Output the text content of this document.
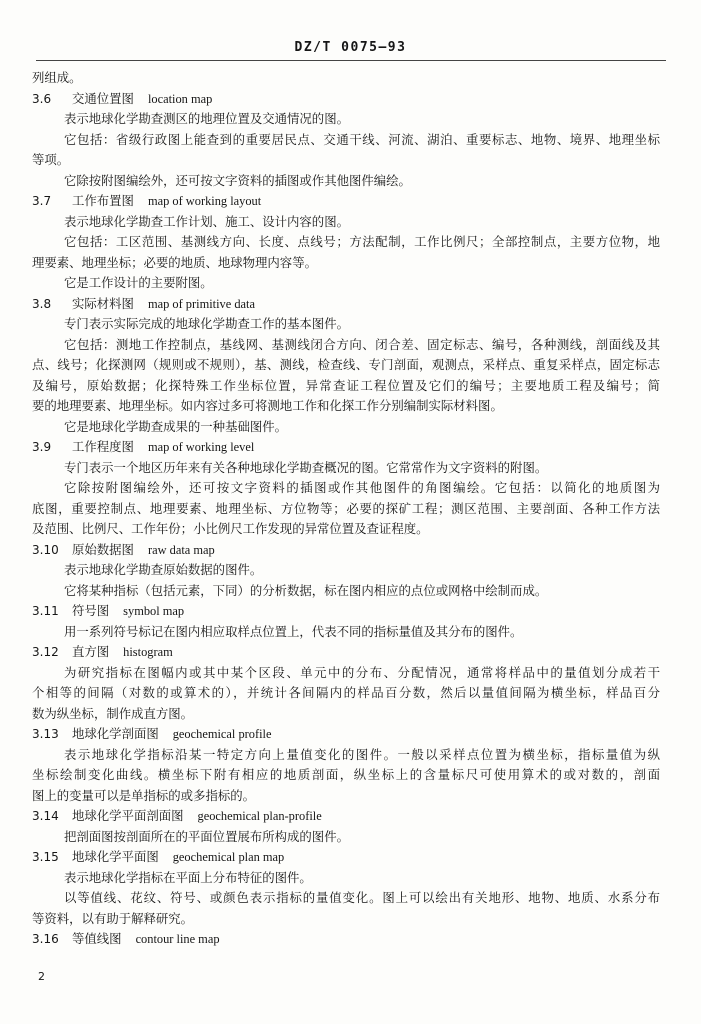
DZ/T 0075—93
列组成。
3.6 交通位置图 location map
表示地球化学勘查测区的地理位置及交通情况的图。
它包括：省级行政图上能查到的重要居民点、交通干线、河流、湖泊、重要标志、地物、境界、地理坐标
等项。
它除按附图编绘外，还可按文字资料的插图或作其他图件编绘。
3.7 工作布置图 map of working layout
表示地球化学勘查工作计划、施工、设计内容的图。
它包括：工区范围、基测线方向、长度、点线号；方法配制，工作比例尺；全部控制点，主要方位物，地
理要素、地理坐标；必要的地质、地球物理内容等。
它是工作设计的主要附图。
3.8 实际材料图 map of primitive data
专门表示实际完成的地球化学勘查工作的基本图件。
它包括：测地工作控制点，基线网、基测线闭合方向、闭合差、固定标志、编号，各种测线，剖面线及其
点、线号；化探测网（规则或不规则），基、测线，检查线、专门剖面，观测点，采样点、重复采样点，固定标志
及编号，原始数据；化探特殊工作坐标位置，异常查证工程位置及它们的编号；主要地质工程及编号；简
要的地理要素、地理坐标。如内容过多可将测地工作和化探工作分别编制实际材料图。
它是地球化学勘查成果的一种基础图件。
3.9 工作程度图 map of working level
专门表示一个地区历年来有关各种地球化学勘查概况的图。它常常作为文字资料的附图。
它除按附图编绘外，还可按文字资料的插图或作其他图件的角图编绘。它包括：以简化的地质图为
底图，重要控制点、地理要素、地理坐标、方位物等；必要的探矿工程；测区范围、主要剖面、各种工作方法
及范围、比例尺、工作年份；小比例尺工作发现的异常位置及查证程度。
3.10 原始数据图 raw data map
表示地球化学勘查原始数据的图件。
它将某种指标（包括元素，下同）的分析数据，标在图内相应的点位或网格中绘制而成。
3.11 符号图 symbol map
用一系列符号标记在图内相应取样点位置上，代表不同的指标量值及其分布的图件。
3.12 直方图 histogram
为研究指标在图幅内或其中某个区段、单元中的分布、分配情况，通常将样品中的量值划分成若干
个相等的间隔（对数的或算术的），并统计各间隔内的样品百分数，然后以量值间隔为横坐标，样品百分
数为纵坐标，制作成直方图。
3.13 地球化学剖面图 geochemical profile
表示地球化学指标沿某一特定方向上量值变化的图件。一般以采样点位置为横坐标，指标量值为纵
坐标绘制变化曲线。横坐标下附有相应的地质剖面，纵坐标上的含量标尺可使用算术的或对数的，剖面
图上的变量可以是单指标的或多指标的。
3.14 地球化学平面剖面图 geochemical plan-profile
把剖面图按剖面所在的平面位置展布所构成的图件。
3.15 地球化学平面图 geochemical plan map
表示地球化学指标在平面上分布特征的图件。
以等值线、花纹、符号、或颜色表示指标的量值变化。图上可以绘出有关地形、地物、地质、水系分布
等资料，以有助于解释研究。
3.16 等值线图 contour line map
2
